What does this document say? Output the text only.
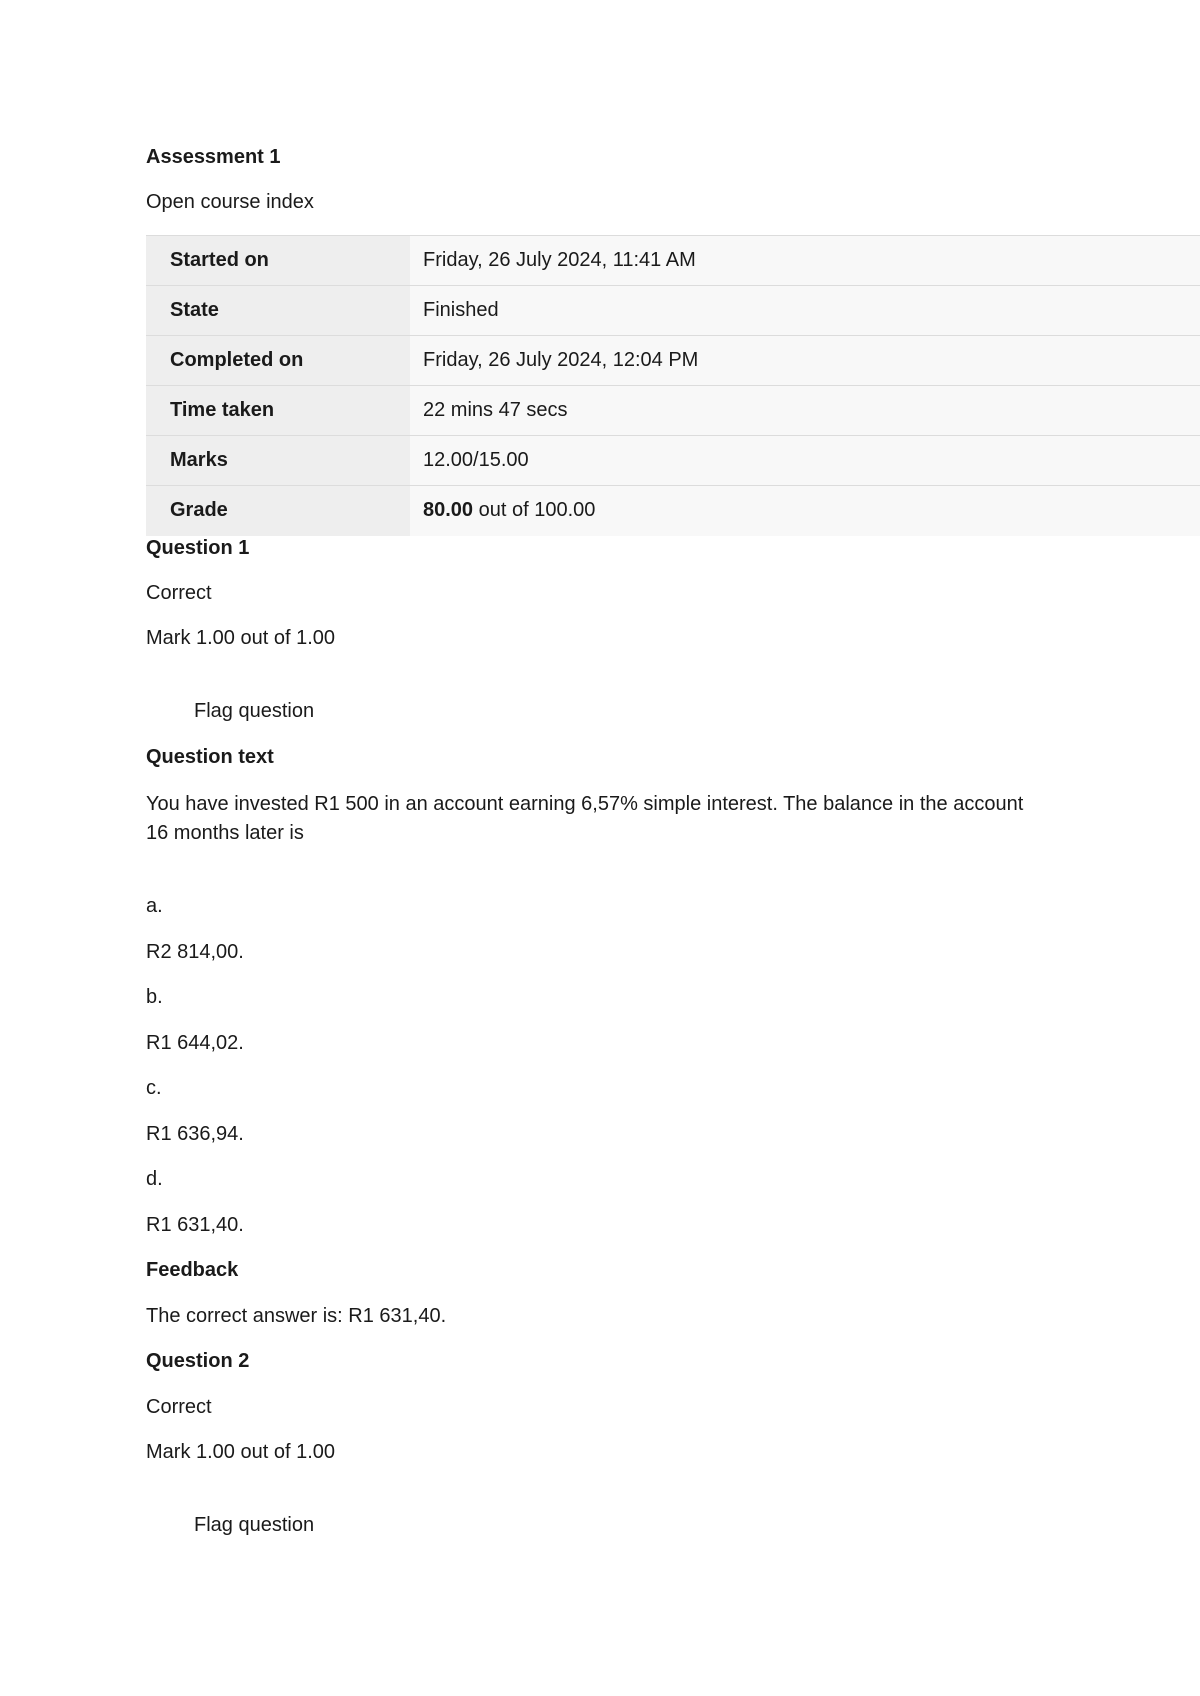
Assessment 1
Open course index
Started on	Friday, 26 July 2024, 11:41 AM
State	Finished
Completed on	Friday, 26 July 2024, 12:04 PM
Time taken	22 mins 47 secs
Marks	12.00/15.00
Grade	80.00 out of 100.00
Question 1
Correct
Mark 1.00 out of 1.00
Flag question
Question text
You have invested R1 500 in an account earning 6,57% simple interest. The balance in the account 16 months later is
a.
R2 814,00.
b.
R1 644,02.
c.
R1 636,94.
d.
R1 631,40.
Feedback
The correct answer is: R1 631,40.
Question 2
Correct
Mark 1.00 out of 1.00
Flag question
